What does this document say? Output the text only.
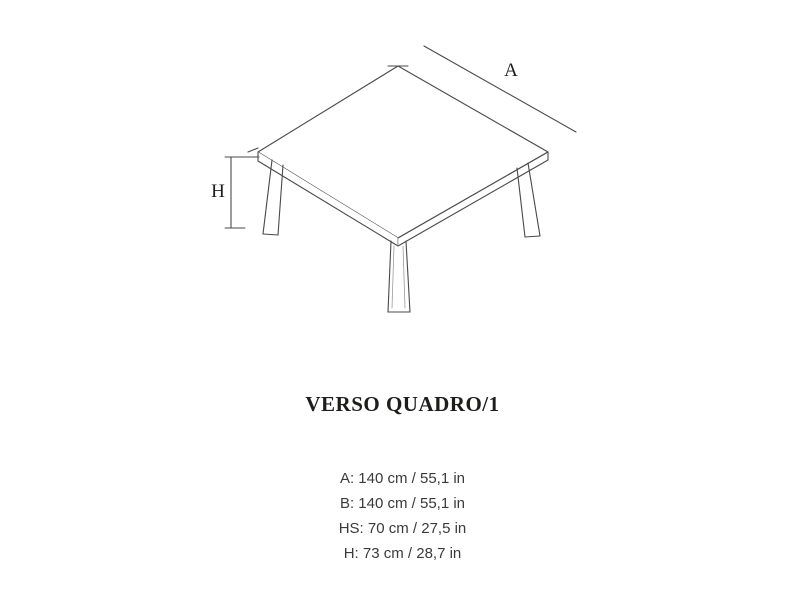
A
H
VERSO QUADRO/1
A: 140 cm / 55,1 in
B: 140 cm / 55,1 in
HS: 70 cm / 27,5 in
H: 73 cm / 28,7 in
